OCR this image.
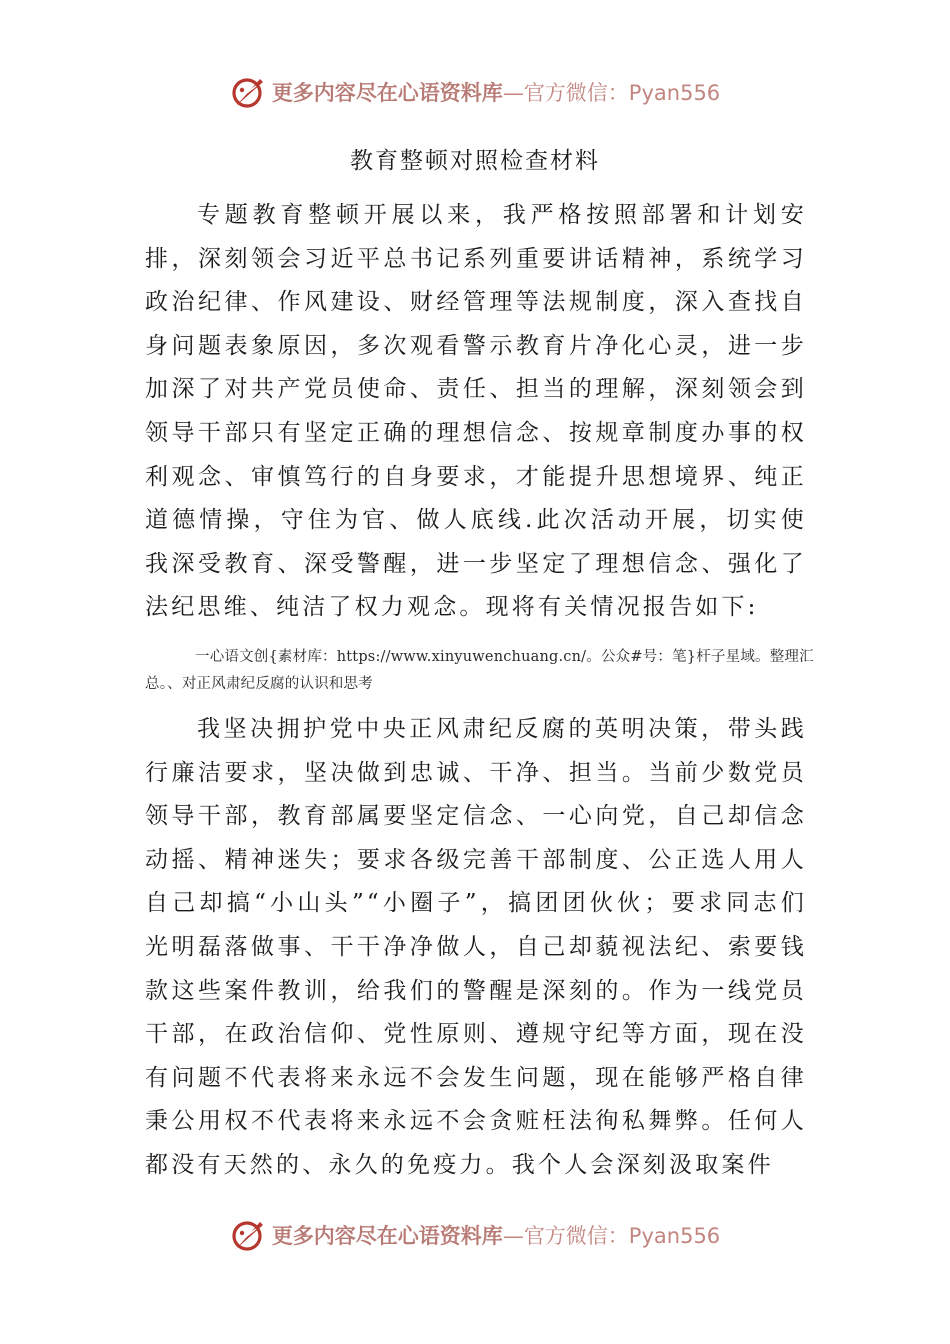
更多内容尽在心语资料库 —官方微信：Pyan556
教育整顿对照检查材料

专题教育整顿开展以来，我严格按照部署和计划安排，深刻领会习近平总书记系列重要讲话精神，系统学习政治纪律、作风建设、财经管理等法规制度，深入查找自身问题表象原因，多次观看警示教育片净化心灵，进一步加深了对共产党员使命、责任、担当的理解，深刻领会到领导干部只有坚定正确的理想信念、按规章制度办事的权利观念、审慎笃行的自身要求，才能提升思想境界、纯正道德情操，守住为官、做人底线.此次活动开展，切实使我深受教育、深受警醒，进一步坚定了理想信念、强化了法纪思维、纯洁了权力观念。现将有关情况报告如下:

一心语文创{素材库：https://www.xinyuwenchuang.cn/。公众#号：笔}杆子星域。整理汇总。、对正风肃纪反腐的认识和思考

我坚决拥护党中央正风肃纪反腐的英明决策，带头践行廉洁要求，坚决做到忠诚、干净、担当。当前少数党员领导干部，教育部属要坚定信念、一心向党，自己却信念动摇、精神迷失；要求各级完善干部制度、公正选人用人自己却搞“小山头”“小圈子”，搞团团伙伙；要求同志们光明磊落做事、干干净净做人，自己却藐视法纪、索要钱款这些案件教训，给我们的警醒是深刻的。作为一线党员干部，在政治信仰、党性原则、遵规守纪等方面，现在没有问题不代表将来永远不会发生问题，现在能够严格自律秉公用权不代表将来永远不会贪赃枉法徇私舞弊。任何人都没有天然的、永久的免疫力。我个人会深刻汲取案件

更多内容尽在心语资料库 —官方微信：Pyan556
